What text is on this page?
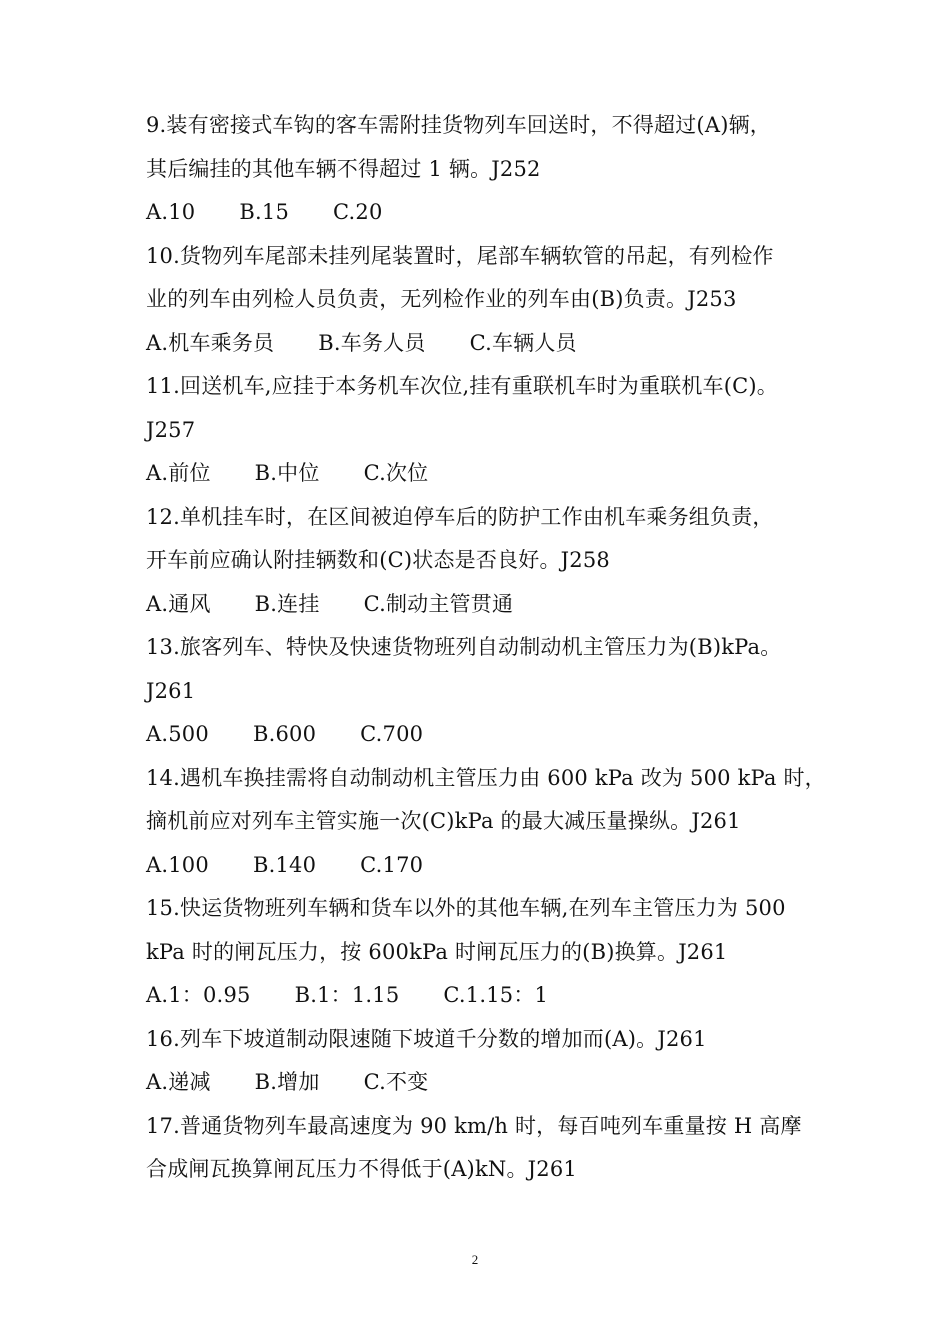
9.装有密接式车钩的客车需附挂货物列车回送时，不得超过(A)辆，
其后编挂的其他车辆不得超过 1 辆。J252
A.10 B.15 C.20
10.货物列车尾部未挂列尾装置时，尾部车辆软管的吊起，有列检作
业的列车由列检人员负责，无列检作业的列车由(B)负责。J253
A.机车乘务员 B.车务人员 C.车辆人员
11.回送机车,应挂于本务机车次位,挂有重联机车时为重联机车(C)。
J257
A.前位 B.中位 C.次位
12.单机挂车时，在区间被迫停车后的防护工作由机车乘务组负责，
开车前应确认附挂辆数和(C)状态是否良好。J258
A.通风 B.连挂 C.制动主管贯通
13.旅客列车、特快及快速货物班列自动制动机主管压力为(B)kPa。
J261
A.500 B.600 C.700
14.遇机车换挂需将自动制动机主管压力由 600 kPa 改为 500 kPa 时，
摘机前应对列车主管实施一次(C)kPa 的最大减压量操纵。J261
A.100 B.140 C.170
15.快运货物班列车辆和货车以外的其他车辆,在列车主管压力为 500
kPa 时的闸瓦压力，按 600kPa 时闸瓦压力的(B)换算。J261
A.1：0.95 B.1：1.15 C.1.15：1
16.列车下坡道制动限速随下坡道千分数的增加而(A)。J261
A.递减 B.增加 C.不变
17.普通货物列车最高速度为 90 km/h 时，每百吨列车重量按 H 高摩
合成闸瓦换算闸瓦压力不得低于(A)kN。J261
2
